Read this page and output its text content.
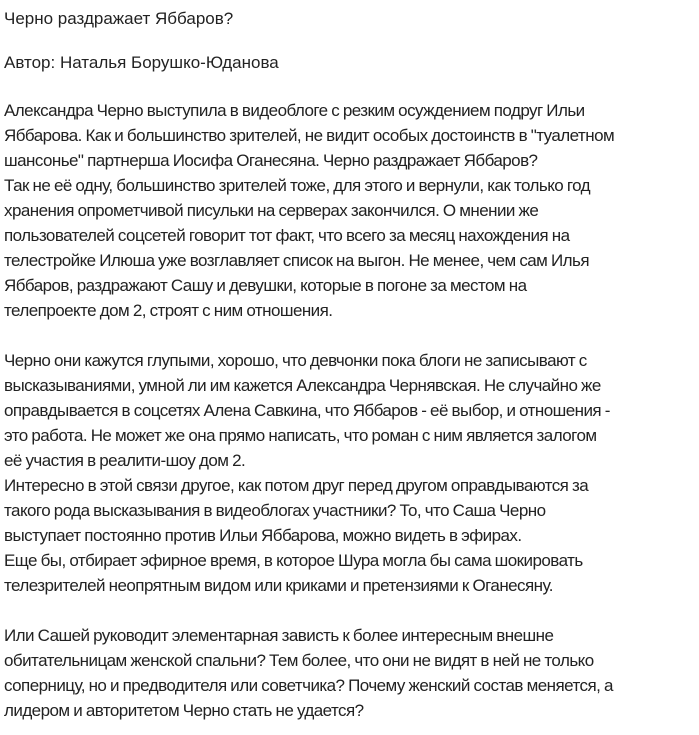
Черно раздражает Яббаров?
Автор: Наталья Борушко-Юданова
Александра Черно выступила в видеоблоге с резким осуждением подруг Ильи
Яббарова. Как и большинство зрителей, не видит особых достоинств в "туалетном
шансонье" партнерша Иосифа Оганесяна. Черно раздражает Яббаров?
Так не её одну, большинство зрителей тоже, для этого и вернули, как только год
хранения опрометчивой писульки на серверах закончился. О мнении же
пользователей соцсетей говорит тот факт, что всего за месяц нахождения на
телестройке Илюша уже возглавляет список на выгон. Не менее, чем сам Илья
Яббаров, раздражают Сашу и девушки, которые в погоне за местом на
телепроекте дом 2, строят с ним отношения.
Черно они кажутся глупыми, хорошо, что девчонки пока блоги не записывают с
высказываниями, умной ли им кажется Александра Чернявская. Не случайно же
оправдывается в соцсетях Алена Савкина, что Яббаров - её выбор, и отношения -
это работа. Не может же она прямо написать, что роман с ним является залогом
её участия в реалити-шоу дом 2.
Интересно в этой связи другое, как потом друг перед другом оправдываются за
такого рода высказывания в видеоблогах участники? То, что Саша Черно
выступает постоянно против Ильи Яббарова, можно видеть в эфирах.
Еще бы, отбирает эфирное время, в которое Шура могла бы сама шокировать
телезрителей неопрятным видом или криками и претензиями к Оганесяну.
Или Сашей руководит элементарная зависть к более интересным внешне
обитательницам женской спальни? Тем более, что они не видят в ней не только
соперницу, но и предводителя или советчика? Почему женский состав меняется, а
лидером и авторитетом Черно стать не удается?
